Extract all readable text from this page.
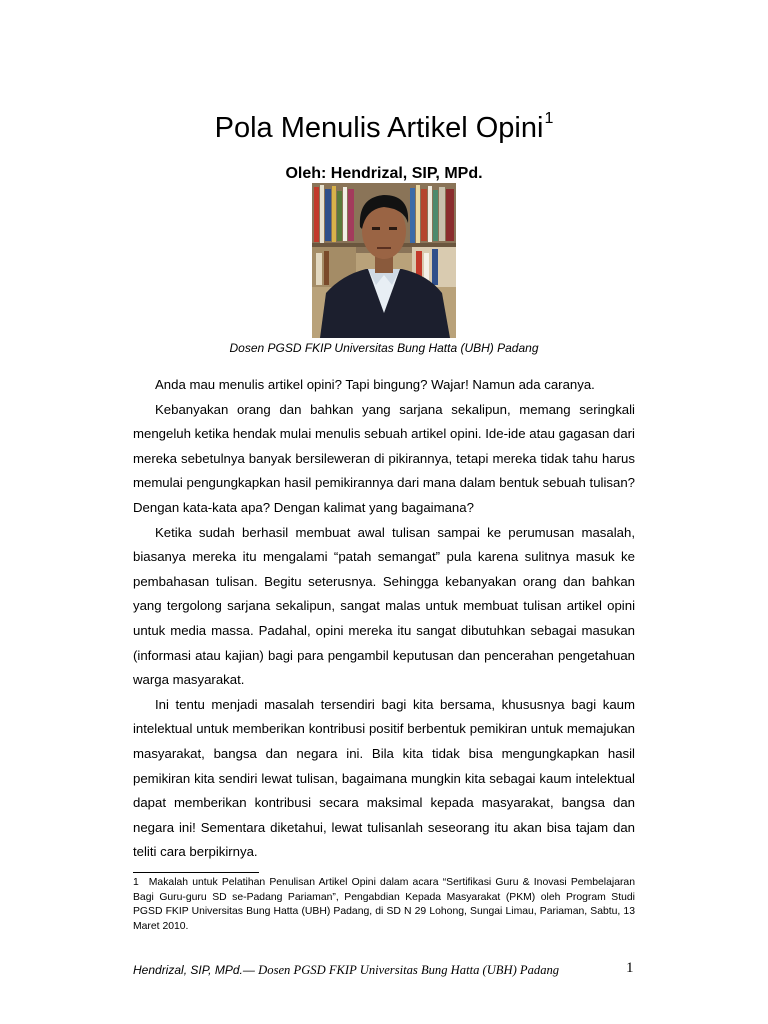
Pola Menulis Artikel Opini$^1$
Oleh: Hendrizal, SIP, MPd.
Dosen PGSD FKIP Universitas Bung Hatta (UBH) Padang

Anda mau menulis artikel opini? Tapi bingung? Wajar! Namun ada caranya.

Kebanyakan orang dan bahkan yang sarjana sekalipun, memang seringkali mengeluh ketika hendak mulai menulis sebuah artikel opini. Ide-ide atau gagasan dari mereka sebetulnya banyak bersileweran di pikirannya, tetapi mereka tidak tahu harus memulai pengungkapkan hasil pemikirannya dari mana dalam bentuk sebuah tulisan? Dengan kata-kata apa? Dengan kalimat yang bagaimana?

Ketika sudah berhasil membuat awal tulisan sampai ke perumusan masalah, biasanya mereka itu mengalami “patah semangat” pula karena sulitnya masuk ke pembahasan tulisan. Begitu seterusnya. Sehingga kebanyakan orang dan bahkan yang tergolong sarjana sekalipun, sangat malas untuk membuat tulisan artikel opini untuk media massa. Padahal, opini mereka itu sangat dibutuhkan sebagai masukan (informasi atau kajian) bagi para pengambil keputusan dan pencerahan pengetahuan warga masyarakat.

Ini tentu menjadi masalah tersendiri bagi kita bersama, khususnya bagi kaum intelektual untuk memberikan kontribusi positif berbentuk pemikiran untuk memajukan masyarakat, bangsa dan negara ini. Bila kita tidak bisa mengungkapkan hasil pemikiran kita sendiri lewat tulisan, bagaimana mungkin kita sebagai kaum intelektual dapat memberikan kontribusi secara maksimal kepada masyarakat, bangsa dan negara ini! Sementara diketahui, lewat tulisanlah seseorang itu akan bisa tajam dan teliti cara berpikirnya.

1 Makalah untuk Pelatihan Penulisan Artikel Opini dalam acara “Sertifikasi Guru & Inovasi Pembelajaran Bagi Guru-guru SD se-Padang Pariaman”, Pengabdian Kepada Masyarakat (PKM) oleh Program Studi PGSD FKIP Universitas Bung Hatta (UBH) Padang, di SD N 29 Lohong, Sungai Limau, Pariaman, Sabtu, 13 Maret 2010.
Hendrizal, SIP, MPd.— Dosen PGSD FKIP Universitas Bung Hatta (UBH) Padang	1
